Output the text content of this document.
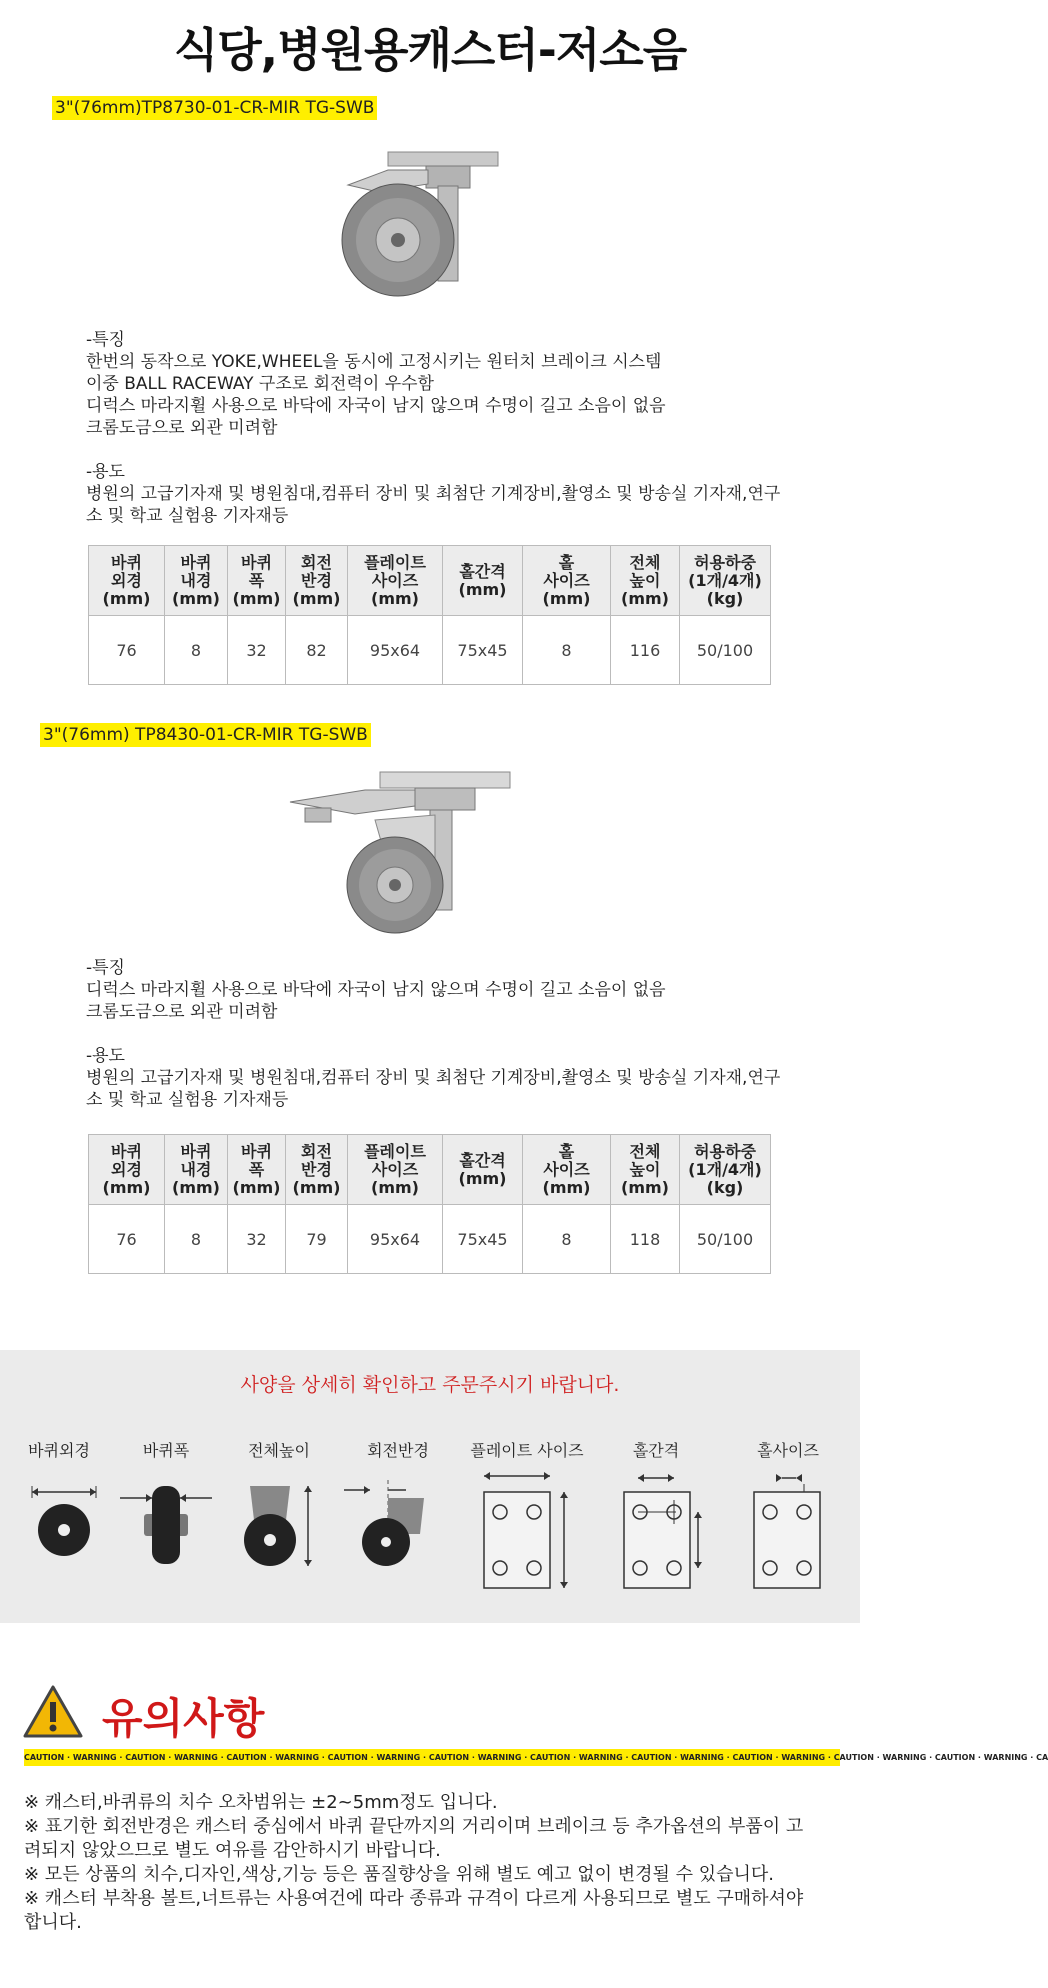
식당,병원용캐스터-저소음
3"(76mm)TP8730-01-CR-MIR TG-SWB
-특징
한번의 동작으로 YOKE,WHEEL을 동시에 고정시키는 원터치 브레이크 시스템
이중 BALL RACEWAY 구조로 회전력이 우수함
디럭스 마라지휠 사용으로 바닥에 자국이 남지 않으며 수명이 길고 소음이 없음
크롬도금으로 외관 미려함
-용도
병원의 고급기자재 및 병원침대,컴퓨터 장비 및 최첨단 기계장비,촬영소 및 방송실 기자재,연구
소 및 학교 실험용 기자재등
바퀴
외경
(mm)	바퀴
내경
(mm)	바퀴
폭
(mm)	회전
반경
(mm)	플레이트
사이즈
(mm)	홀간격
(mm)	홀
사이즈
(mm)	전체
높이
(mm)	허용하중
(1개/4개)
(kg)
76	8	32	82	95x64	75x45	8	116	50/100
3"(76mm) TP8430-01-CR-MIR TG-SWB
-특징
디럭스 마라지휠 사용으로 바닥에 자국이 남지 않으며 수명이 길고 소음이 없음
크롬도금으로 외관 미려함
-용도
병원의 고급기자재 및 병원침대,컴퓨터 장비 및 최첨단 기계장비,촬영소 및 방송실 기자재,연구
소 및 학교 실험용 기자재등
바퀴
외경
(mm)	바퀴
내경
(mm)	바퀴
폭
(mm)	회전
반경
(mm)	플레이트
사이즈
(mm)	홀간격
(mm)	홀
사이즈
(mm)	전체
높이
(mm)	허용하중
(1개/4개)
(kg)
76	8	32	79	95x64	75x45	8	118	50/100
사양을 상세히 확인하고 주문주시기 바랍니다.
바퀴외경	바퀴폭	전체높이	회전반경	플레이트 사이즈	홀간격	홀사이즈
유의사항
CAUTION · WARNING · CAUTION · WARNING · CAUTION · WARNING · CAUTION · WARNING · CAUTION · WARNING · CAUTION · WARNING · CAUTION · WARNING · CAUTION · WARNING · CAUTION · WARNING · CAUTION · WARNING · CA
※ 캐스터,바퀴류의 치수 오차범위는 ±2~5mm정도 입니다.
※ 표기한 회전반경은 캐스터 중심에서 바퀴 끝단까지의 거리이며 브레이크 등 추가옵션의 부품이 고
려되지 않았으므로 별도 여유를 감안하시기 바랍니다.
※ 모든 상품의 치수,디자인,색상,기능 등은 품질향상을 위해 별도 예고 없이 변경될 수 있습니다.
※ 캐스터 부착용 볼트,너트류는 사용여건에 따라 종류과 규격이 다르게 사용되므로 별도 구매하셔야
합니다.
